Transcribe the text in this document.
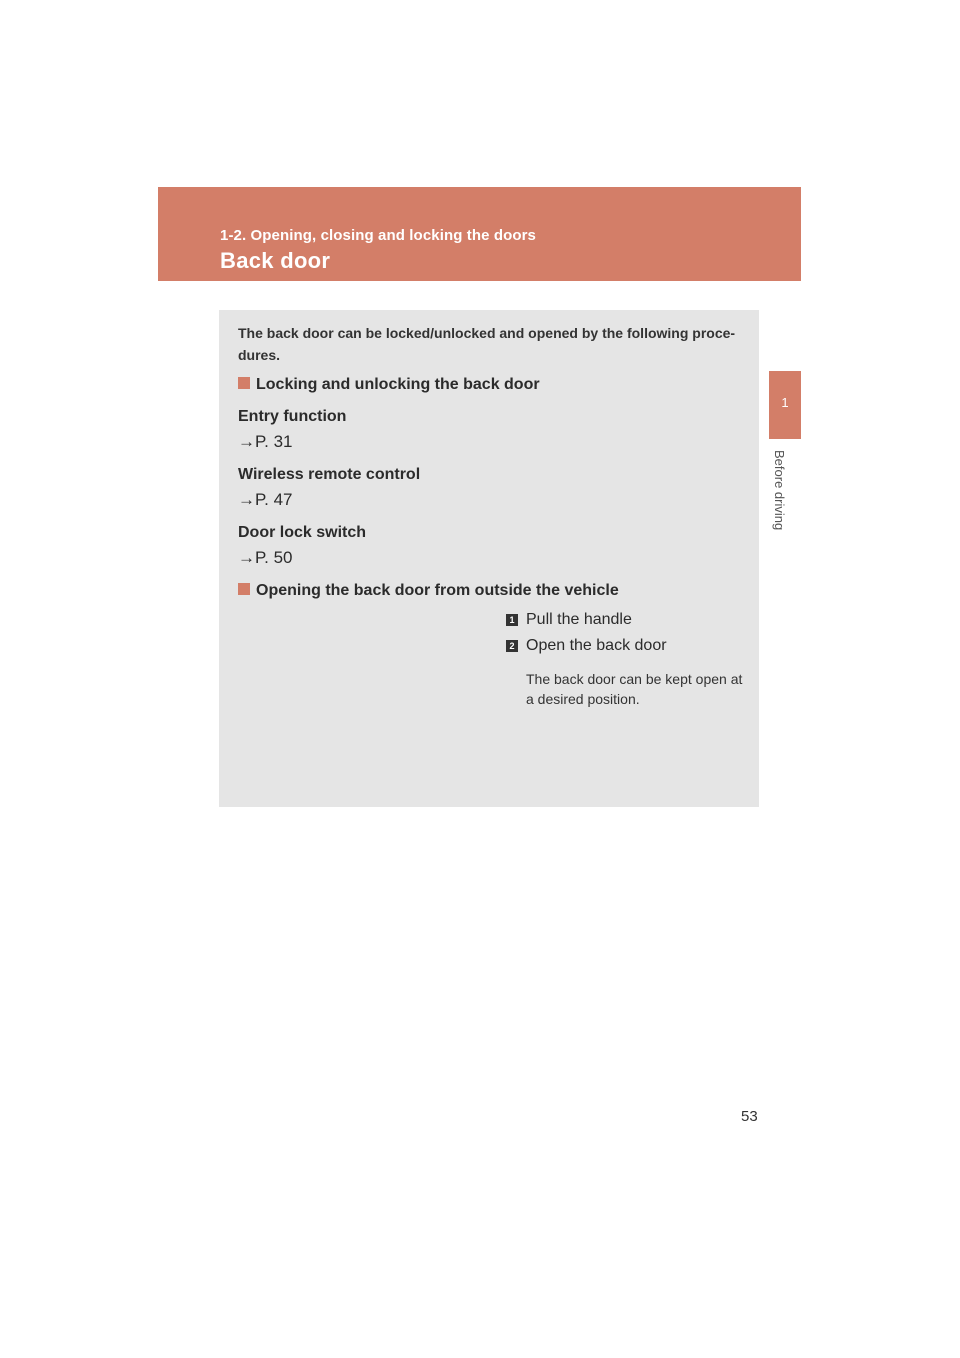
1-2. Opening, closing and locking the doors
Back door
1
Before driving
The back door can be locked/unlocked and opened by the following proce- dures.
Locking and unlocking the back door
Entry function
→P. 31
Wireless remote control
→P. 47
Door lock switch
→P. 50
Opening the back door from outside the vehicle
1 Pull the handle
2 Open the back door
The back door can be kept open at a desired position.
53
